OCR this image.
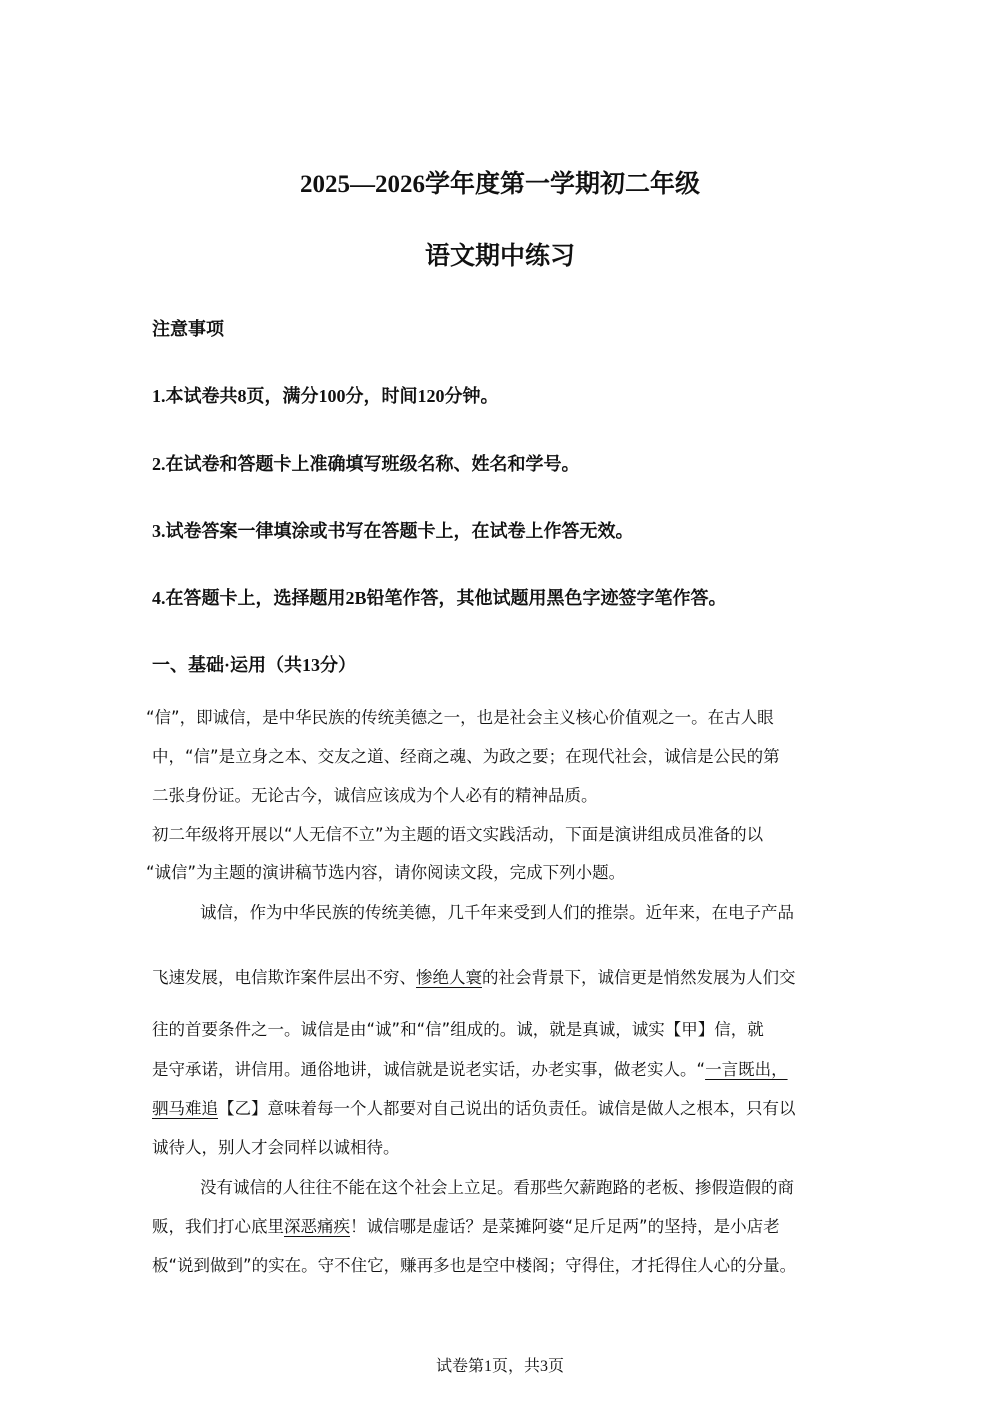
2025—2026学年度第一学期初二年级
语文期中练习
注意事项
1.本试卷共8页，满分100分，时间120分钟。
2.在试卷和答题卡上准确填写班级名称、姓名和学号。
3.试卷答案一律填涂或书写在答题卡上，在试卷上作答无效。
4.在答题卡上，选择题用2B铅笔作答，其他试题用黑色字迹签字笔作答。
一、基础·运用（共13分）
“信”，即诚信，是中华民族的传统美德之一，也是社会主义核心价值观之一。在古人眼
中，“信”是立身之本、交友之道、经商之魂、为政之要；在现代社会，诚信是公民的第
二张身份证。无论古今，诚信应该成为个人必有的精神品质。
初二年级将开展以“人无信不立”为主题的语文实践活动，下面是演讲组成员准备的以
“诚信”为主题的演讲稿节选内容，请你阅读文段，完成下列小题。
诚信，作为中华民族的传统美德，几千年来受到人们的推崇。近年来，在电子产品
飞速发展，电信欺诈案件层出不穷、惨绝人寰的社会背景下，诚信更是悄然发展为人们交
往的首要条件之一。诚信是由“诚”和“信”组成的。诚，就是真诚，诚实【甲】信，就
是守承诺，讲信用。通俗地讲，诚信就是说老实话，办老实事，做老实人。“一言既出，
驷马难追【乙】意味着每一个人都要对自己说出的话负责任。诚信是做人之根本，只有以
诚待人，别人才会同样以诚相待。
没有诚信的人往往不能在这个社会上立足。看那些欠薪跑路的老板、掺假造假的商
贩，我们打心底里深恶痛疾！诚信哪是虚话？是菜摊阿婆“足斤足两”的坚持，是小店老
板“说到做到”的实在。守不住它，赚再多也是空中楼阁；守得住，才托得住人心的分量。
试卷第1页，共3页
